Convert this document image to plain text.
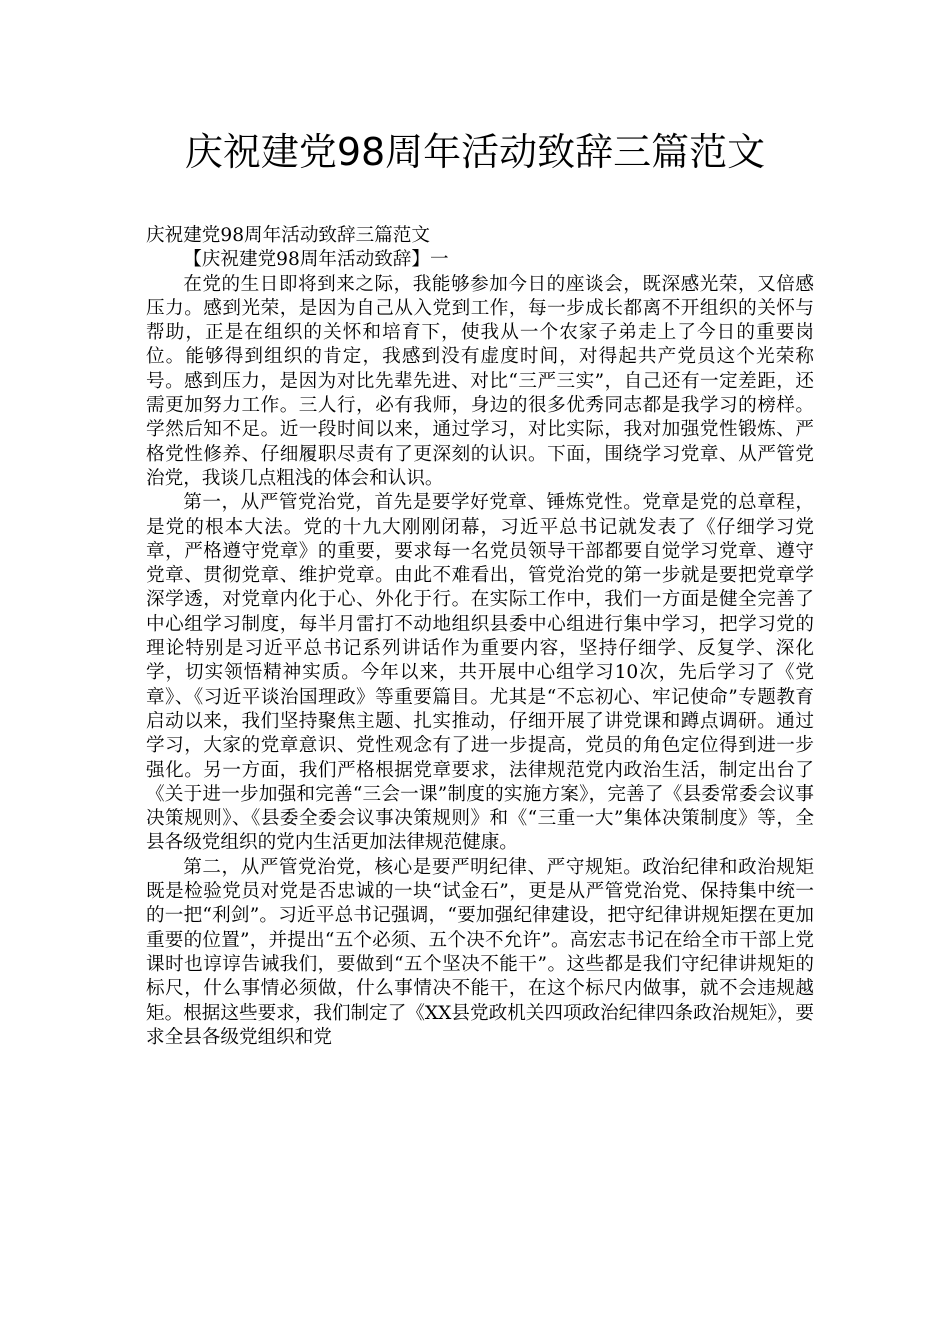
庆祝建党98周年活动致辞三篇范文

庆祝建党98周年活动致辞三篇范文

【庆祝建党98周年活动致辞】一

在党的生日即将到来之际，我能够参加今日的座谈会，既深感光荣，又倍感压力。感到光荣，是因为自己从入党到工作，每一步成长都离不开组织的关怀与帮助，正是在组织的关怀和培育下，使我从一个农家子弟走上了今日的重要岗位。能够得到组织的肯定，我感到没有虚度时间，对得起共产党员这个光荣称号。感到压力，是因为对比先辈先进、对比“三严三实”，自己还有一定差距，还需更加努力工作。三人行，必有我师，身边的很多优秀同志都是我学习的榜样。学然后知不足。近一段时间以来，通过学习，对比实际，我对加强党性锻炼、严格党性修养、仔细履职尽责有了更深刻的认识。下面，围绕学习党章、从严管党治党，我谈几点粗浅的体会和认识。

第一，从严管党治党，首先是要学好党章、锤炼党性。党章是党的总章程，是党的根本大法。党的十九大刚刚闭幕，习近平总书记就发表了《仔细学习党章，严格遵守党章》的重要，要求每一名党员领导干部都要自觉学习党章、遵守党章、贯彻党章、维护党章。由此不难看出，管党治党的第一步就是要把党章学深学透，对党章内化于心、外化于行。在实际工作中，我们一方面是健全完善了中心组学习制度，每半月雷打不动地组织县委中心组进行集中学习，把学习党的理论特别是习近平总书记系列讲话作为重要内容，坚持仔细学、反复学、深化学，切实领悟精神实质。今年以来，共开展中心组学习10次，先后学习了《党章》、《习近平谈治国理政》等重要篇目。尤其是“不忘初心、牢记使命”专题教育启动以来，我们坚持聚焦主题、扎实推动，仔细开展了讲党课和蹲点调研。通过学习，大家的党章意识、党性观念有了进一步提高，党员的角色定位得到进一步强化。另一方面，我们严格根据党章要求，法律规范党内政治生活，制定出台了《关于进一步加强和完善“三会一课”制度的实施方案》，完善了《县委常委会议事决策规则》、《县委全委会议事决策规则》和《“三重一大”集体决策制度》等，全县各级党组织的党内生活更加法律规范健康。

第二，从严管党治党，核心是要严明纪律、严守规矩。政治纪律和政治规矩既是检验党员对党是否忠诚的一块“试金石”，更是从严管党治党、保持集中统一的一把“利剑”。习近平总书记强调，“要加强纪律建设，把守纪律讲规矩摆在更加重要的位置”，并提出“五个必须、五个决不允许”。高宏志书记在给全市干部上党课时也谆谆告诫我们，要做到“五个坚决不能干”。这些都是我们守纪律讲规矩的标尺，什么事情必须做，什么事情决不能干，在这个标尺内做事，就不会违规越矩。根据这些要求，我们制定了《XX县党政机关四项政治纪律四条政治规矩》，要求全县各级党组织和党
